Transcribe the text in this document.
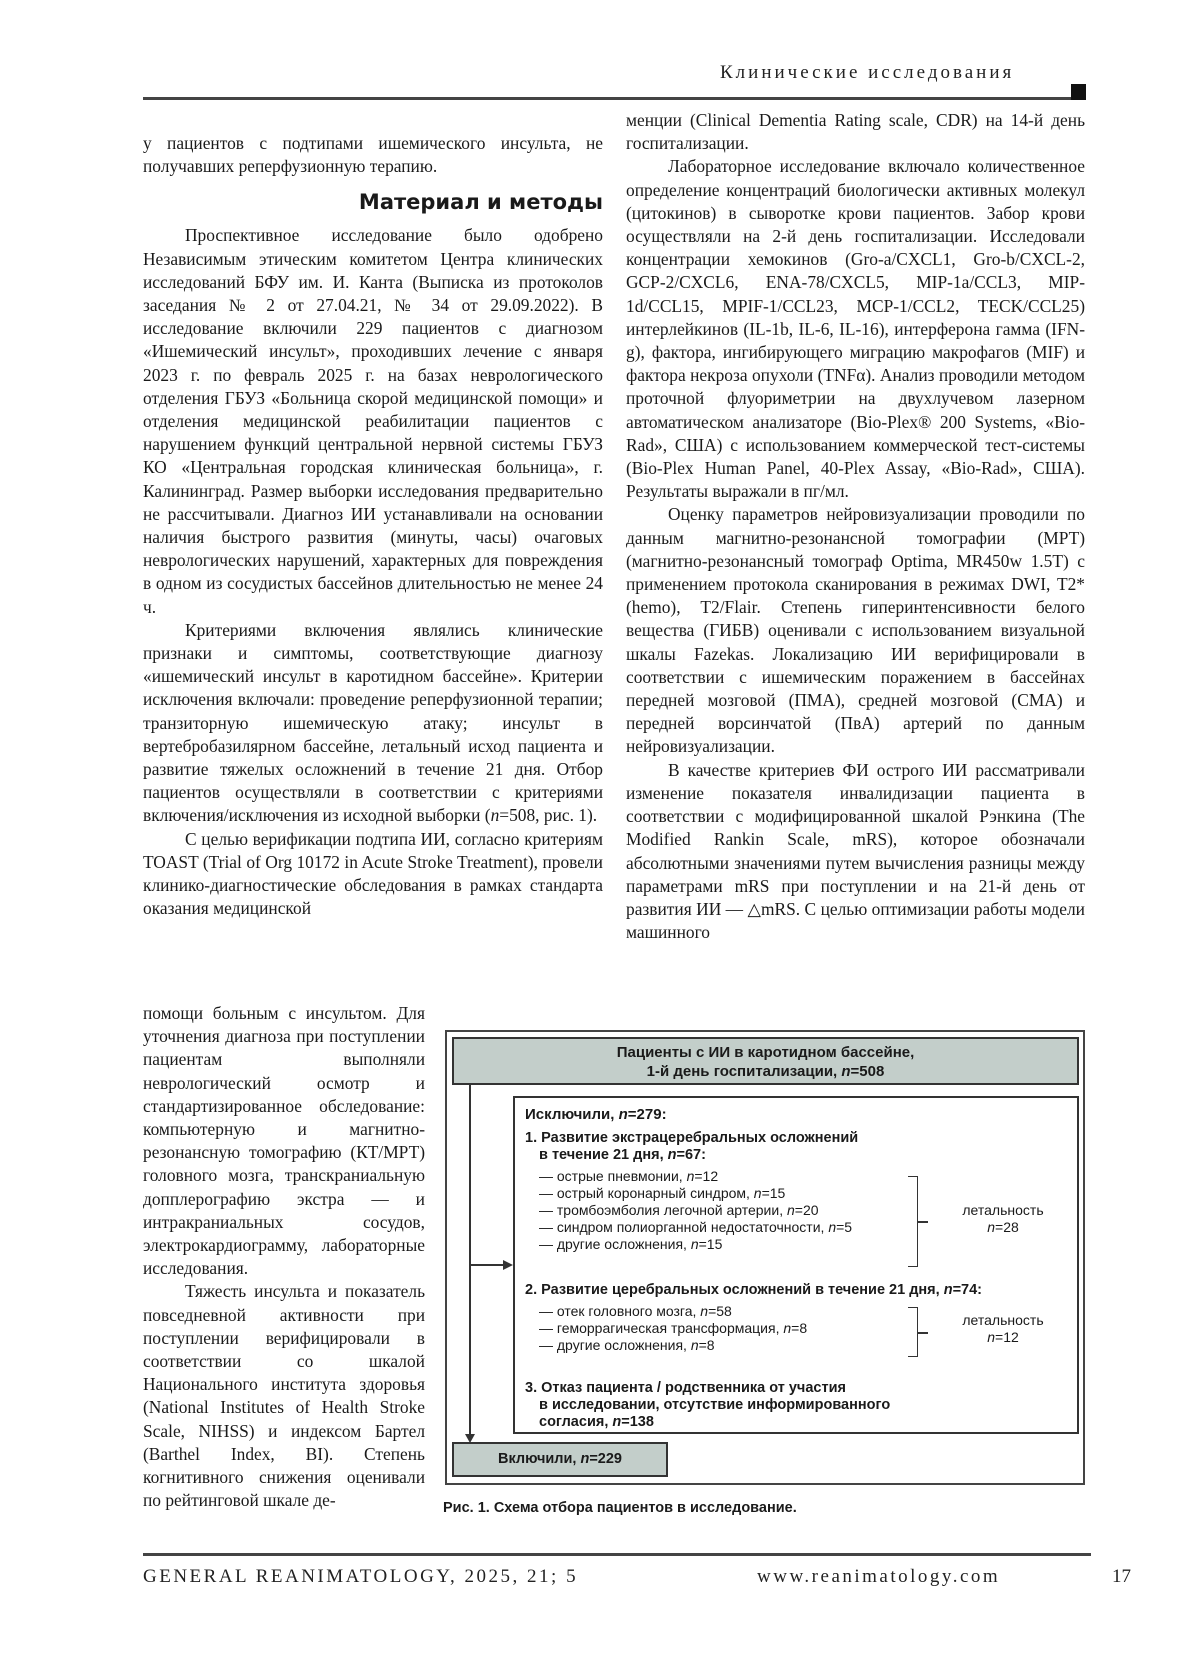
Клинические исследования

у пациентов с подтипами ишемического инсульта, не получавших реперфузионную терапию.

Материал и методы

Проспективное исследование было одобрено Независимым этическим комитетом Центра клинических исследований БФУ им. И. Канта (Выписка из протоколов заседания № 2 от 27.04.21, № 34 от 29.09.2022). В исследование включили 229 пациентов с диагнозом «Ишемический инсульт», проходивших лечение с января 2023 г. по февраль 2025 г. на базах неврологического отделения ГБУЗ «Больница скорой медицинской помощи» и отделения медицинской реабилитации пациентов с нарушением функций центральной нервной системы ГБУЗ КО «Центральная городская клиническая больница», г. Калининград. Размер выборки исследования предварительно не рассчитывали. Диагноз ИИ устанавливали на основании наличия быстрого развития (минуты, часы) очаговых неврологических нарушений, характерных для повреждения в одном из сосудистых бассейнов длительностью не менее 24 ч.

Критериями включения являлись клинические признаки и симптомы, соответствующие диагнозу «ишемический инсульт в каротидном бассейне». Критерии исключения включали: проведение реперфузионной терапии; транзиторную ишемическую атаку; инсульт в вертебробазилярном бассейне, летальный исход пациента и развитие тяжелых осложнений в течение 21 дня. Отбор пациентов осуществляли в соответствии с критериями включения/исключения из исходной выборки (n=508, рис. 1).

С целью верификации подтипа ИИ, согласно критериям TOAST (Trial of Org 10172 in Acute Stroke Treatment), провели клинико-диагностические обследования в рамках стандарта оказания медицинской

помощи больным с инсультом. Для уточнения диагноза при поступлении пациентам выполняли неврологический осмотр и стандартизированное обследование: компьютерную и магнитно-резонансную томографию (КТ/МРТ) головного мозга, транскраниальную допплерографию экстра — и интракраниальных сосудов, электрокардиограмму, лабораторные исследования.

Тяжесть инсульта и показатель повседневной активности при поступлении верифицировали в соответствии со шкалой Национального института здоровья (National Institutes of Health Stroke Scale, NIHSS) и индексом Бартел (Barthel Index, BI). Степень когнитивного снижения оценивали по рейтинговой шкале де-

менции (Clinical Dementia Rating scale, CDR) на 14-й день госпитализации.

Лабораторное исследование включало количественное определение концентраций биологически активных молекул (цитокинов) в сыворотке крови пациентов. Забор крови осуществляли на 2-й день госпитализации. Исследовали концентрации хемокинов (Gro-a/CXCL1, Gro-b/CXCL-2, GCP-2/CXCL6, ENA-78/CXCL5, MIP-1a/CCL3, MIP-1d/CCL15, MPIF-1/CCL23, MCP-1/CCL2, TECK/CCL25) интерлейкинов (IL-1b, IL-6, IL-16), интерферона гамма (IFN-g), фактора, ингибирующего миграцию макрофагов (MIF) и фактора некроза опухоли (TNFα). Анализ проводили методом проточной флуориметрии на двухлучевом лазерном автоматическом анализаторе (Bio-Plex® 200 Systems, «Bio-Rad», США) с использованием коммерческой тест-системы (Bio-Plex Human Panel, 40-Plex Assay, «Bio-Rad», США). Результаты выражали в пг/мл.

Оценку параметров нейровизуализации проводили по данным магнитно-резонансной томографии (МРТ) (магнитно-резонансный томограф Optima, MR450w 1.5T) с применением протокола сканирования в режимах DWI, T2* (hemo), T2/Flair. Степень гиперинтенсивности белого вещества (ГИБВ) оценивали с использованием визуальной шкалы Fazekas. Локализацию ИИ верифицировали в соответствии с ишемическим поражением в бассейнах передней мозговой (ПМА), средней мозговой (СМА) и передней ворсинчатой (ПвА) артерий по данным нейровизуализации.

В качестве критериев ФИ острого ИИ рассматривали изменение показателя инвалидизации пациента в соответствии с модифицированной шкалой Рэнкина (The Modified Rankin Scale, mRS), которое обозначали абсолютными значениями путем вычисления разницы между параметрами mRS при поступлении и на 21-й день от развития ИИ — △mRS. С целью оптимизации работы модели машинного

Пациенты с ИИ в каротидном бассейне,
1-й день госпитализации, n=508
Исключили, n=279:
1. Развитие экстрацеребральных осложнений
в течение 21 дня, n=67:
— острые пневмонии, n=12
— острый коронарный синдром, n=15
— тромбоэмболия легочной артерии, n=20
— синдром полиорганной недостаточности, n=5
— другие осложнения, n=15
летальность
n=28
2. Развитие церебральных осложнений в течение 21 дня, n=74:
— отек головного мозга, n=58
— геморрагическая трансформация, n=8
— другие осложнения, n=8
летальность
n=12
3. Отказ пациента / родственника от участия
в исследовании, отсутствие информированного
согласия, n=138
Включили, n=229
Рис. 1. Схема отбора пациентов в исследование.
GENERAL REANIMATOLOGY, 2025, 21; 5	www.reanimatology.com	17
